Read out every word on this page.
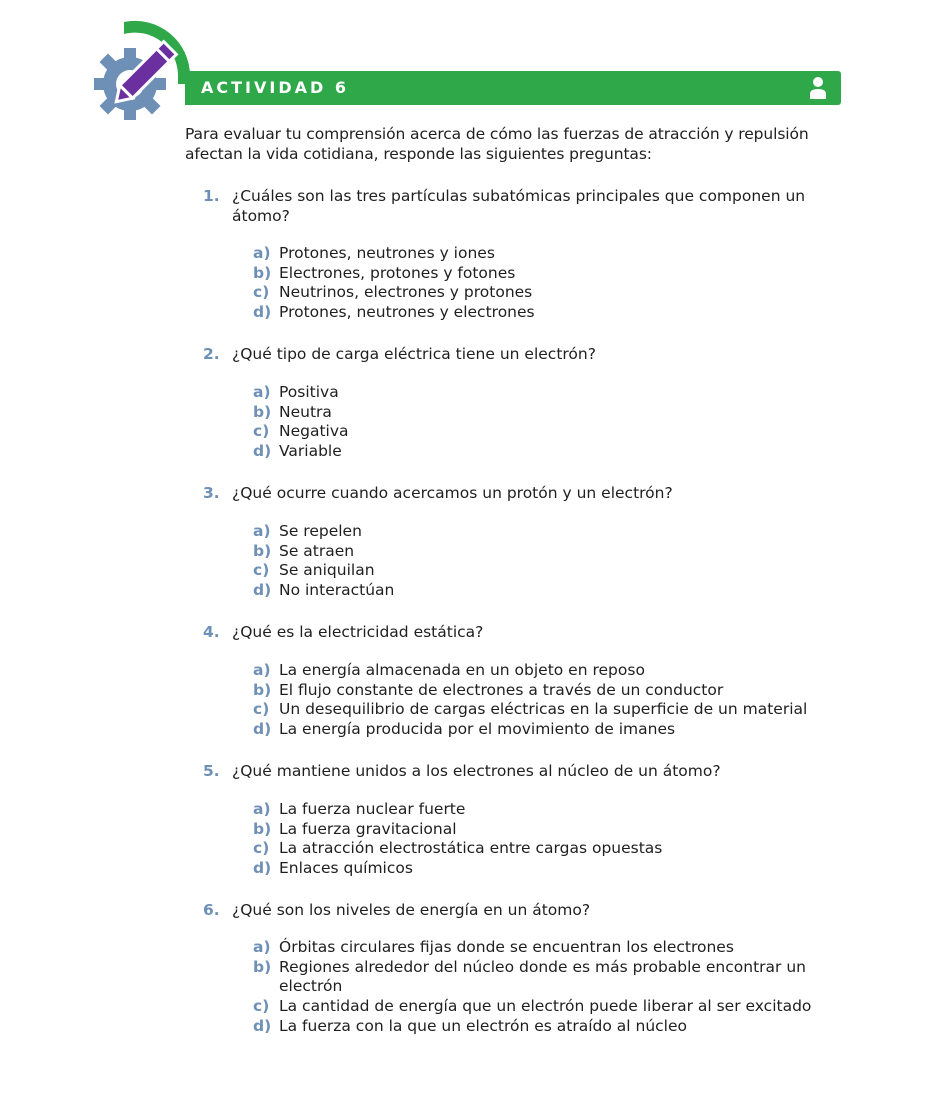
ACTIVIDAD 6
Para evaluar tu comprensión acerca de cómo las fuerzas de atracción y repulsión afectan la vida cotidiana, responde las siguientes preguntas:
1. ¿Cuáles son las tres partículas subatómicas principales que componen un átomo?
a) Protones, neutrones y iones
b) Electrones, protones y fotones
c) Neutrinos, electrones y protones
d) Protones, neutrones y electrones
2. ¿Qué tipo de carga eléctrica tiene un electrón?
a) Positiva
b) Neutra
c) Negativa
d) Variable
3. ¿Qué ocurre cuando acercamos un protón y un electrón?
a) Se repelen
b) Se atraen
c) Se aniquilan
d) No interactúan
4. ¿Qué es la electricidad estática?
a) La energía almacenada en un objeto en reposo
b) El flujo constante de electrones a través de un conductor
c) Un desequilibrio de cargas eléctricas en la superficie de un material
d) La energía producida por el movimiento de imanes
5. ¿Qué mantiene unidos a los electrones al núcleo de un átomo?
a) La fuerza nuclear fuerte
b) La fuerza gravitacional
c) La atracción electrostática entre cargas opuestas
d) Enlaces químicos
6. ¿Qué son los niveles de energía en un átomo?
a) Órbitas circulares fijas donde se encuentran los electrones
b) Regiones alrededor del núcleo donde es más probable encontrar un electrón
c) La cantidad de energía que un electrón puede liberar al ser excitado
d) La fuerza con la que un electrón es atraído al núcleo
